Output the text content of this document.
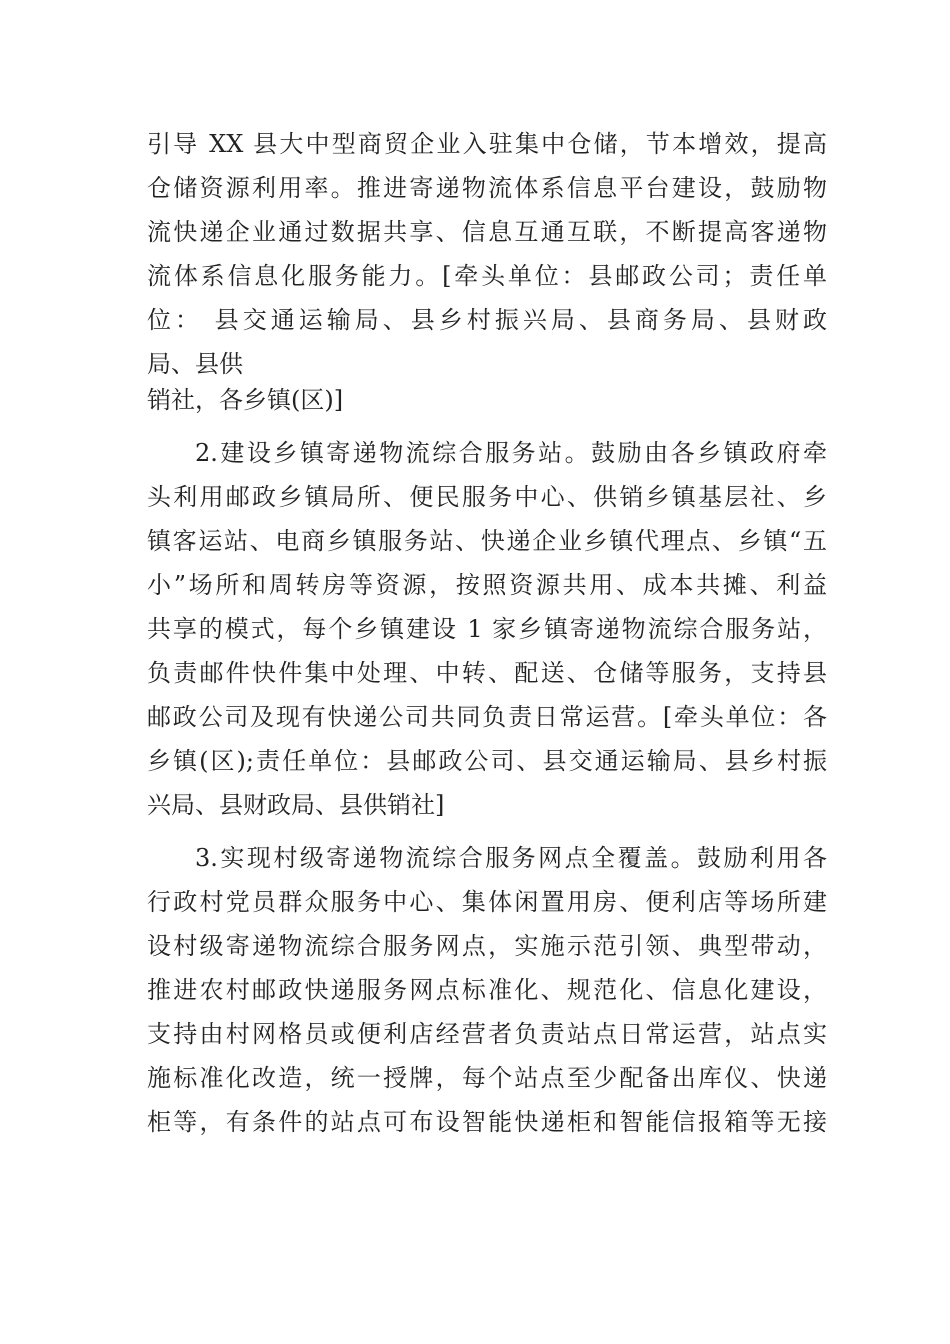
引导 XX 县大中型商贸企业入驻集中仓储，节本增效，提高
仓储资源利用率。推进寄递物流体系信息平台建设，鼓励物
流快递企业通过数据共享、信息互通互联，不断提高客递物
流体系信息化服务能力。[牵头单位：县邮政公司；责任单
位： 县交通运输局、县乡村振兴局、县商务局、县财政
局、县供
销社，各乡镇(区)]
2.建设乡镇寄递物流综合服务站。鼓励由各乡镇政府牵
头利用邮政乡镇局所、便民服务中心、供销乡镇基层社、乡
镇客运站、电商乡镇服务站、快递企业乡镇代理点、乡镇“五
小”场所和周转房等资源，按照资源共用、成本共摊、利益
共享的模式，每个乡镇建设 1 家乡镇寄递物流综合服务站，
负责邮件快件集中处理、中转、配送、仓储等服务，支持县
邮政公司及现有快递公司共同负责日常运营。[牵头单位：各
乡镇(区);责任单位：县邮政公司、县交通运输局、县乡村振
兴局、县财政局、县供销社]
3.实现村级寄递物流综合服务网点全覆盖。鼓励利用各
行政村党员群众服务中心、集体闲置用房、便利店等场所建
设村级寄递物流综合服务网点，实施示范引领、典型带动，
推进农村邮政快递服务网点标准化、规范化、信息化建设，
支持由村网格员或便利店经营者负责站点日常运营，站点实
施标准化改造，统一授牌，每个站点至少配备出库仪、快递
柜等，有条件的站点可布设智能快递柜和智能信报箱等无接
